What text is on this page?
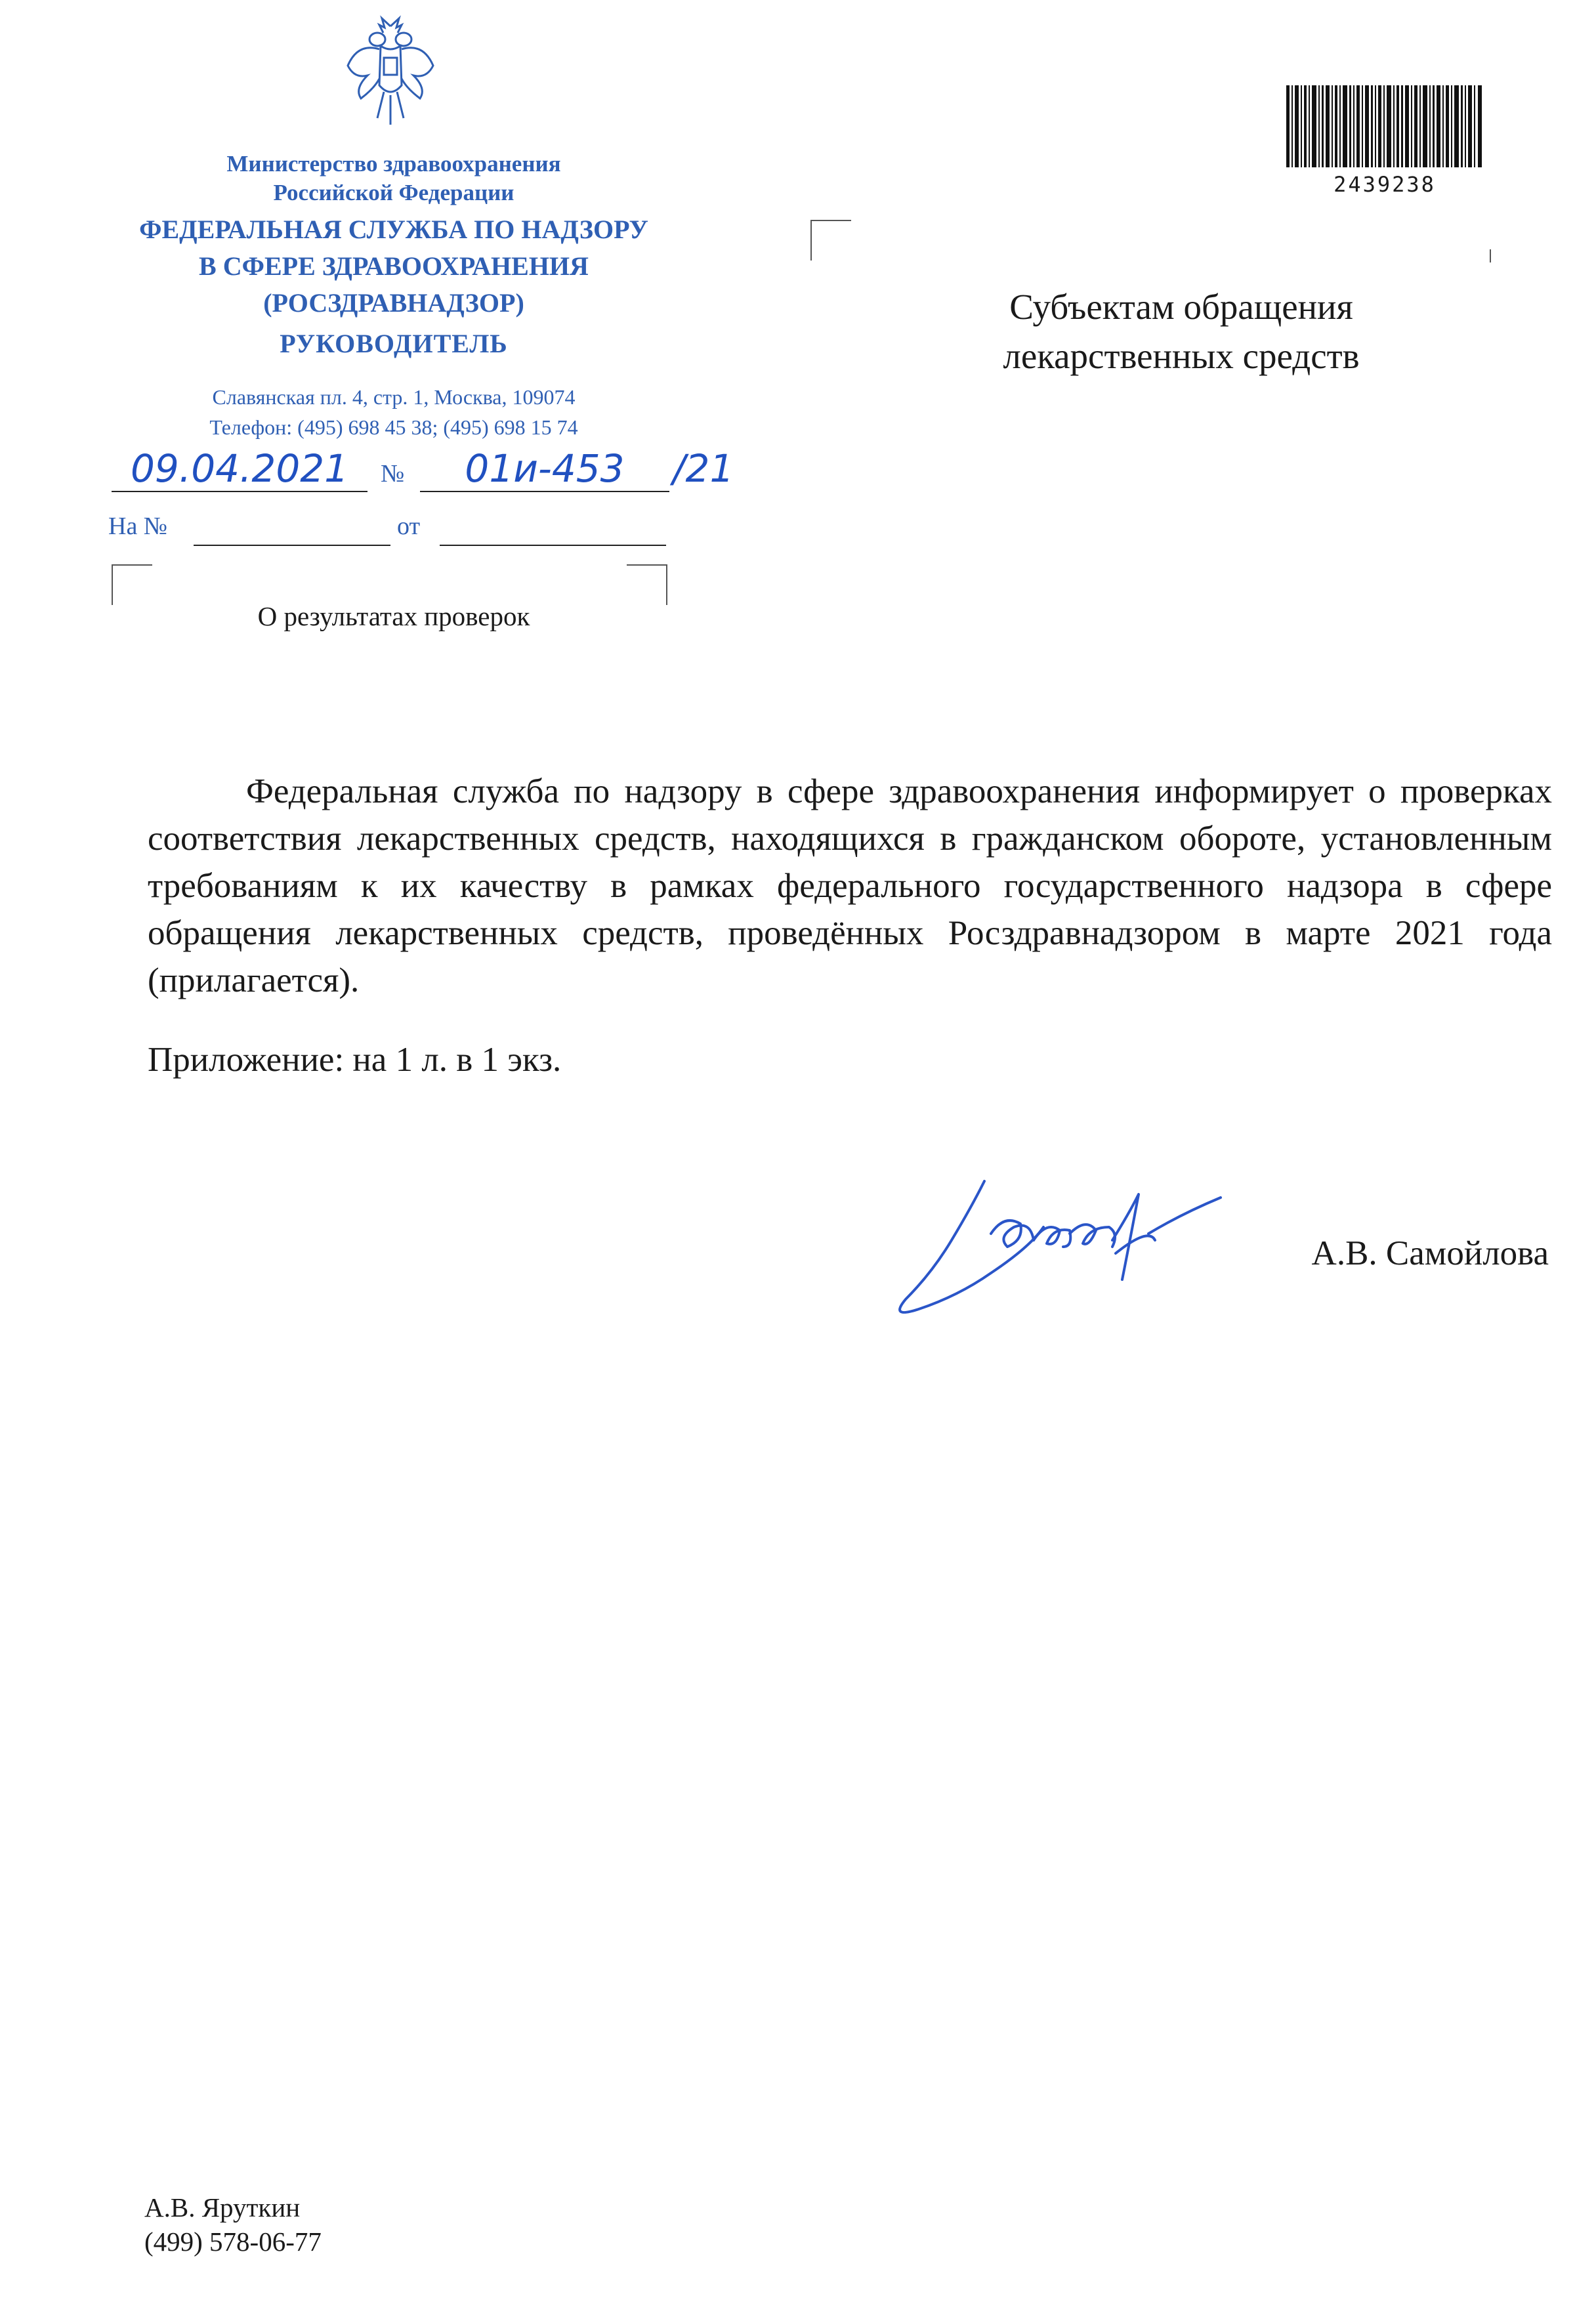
Министерство здравоохранения
Российской Федерации
ФЕДЕРАЛЬНАЯ СЛУЖБА ПО НАДЗОРУ
В СФЕРЕ ЗДРАВООХРАНЕНИЯ
(РОСЗДРАВНАДЗОР)
РУКОВОДИТЕЛЬ
Славянская пл. 4, стр. 1, Москва, 109074
Телефон: (495) 698 45 38; (495) 698 15 74
09.04.2021	№	01и-453	/21
На №	от
О результатах проверок
2439238
Субъектам обращения
лекарственных средств
Федеральная служба по надзору в сфере здравоохранения информирует о проверках соответствия лекарственных средств, находящихся в гражданском обороте, установленным требованиям к их качеству в рамках федерального государственного надзора в сфере обращения лекарственных средств, проведённых Росздравнадзором в марте 2021 года (прилагается).
Приложение: на 1 л. в 1 экз.
А.В. Самойлова
А.В. Яруткин
(499) 578-06-77
